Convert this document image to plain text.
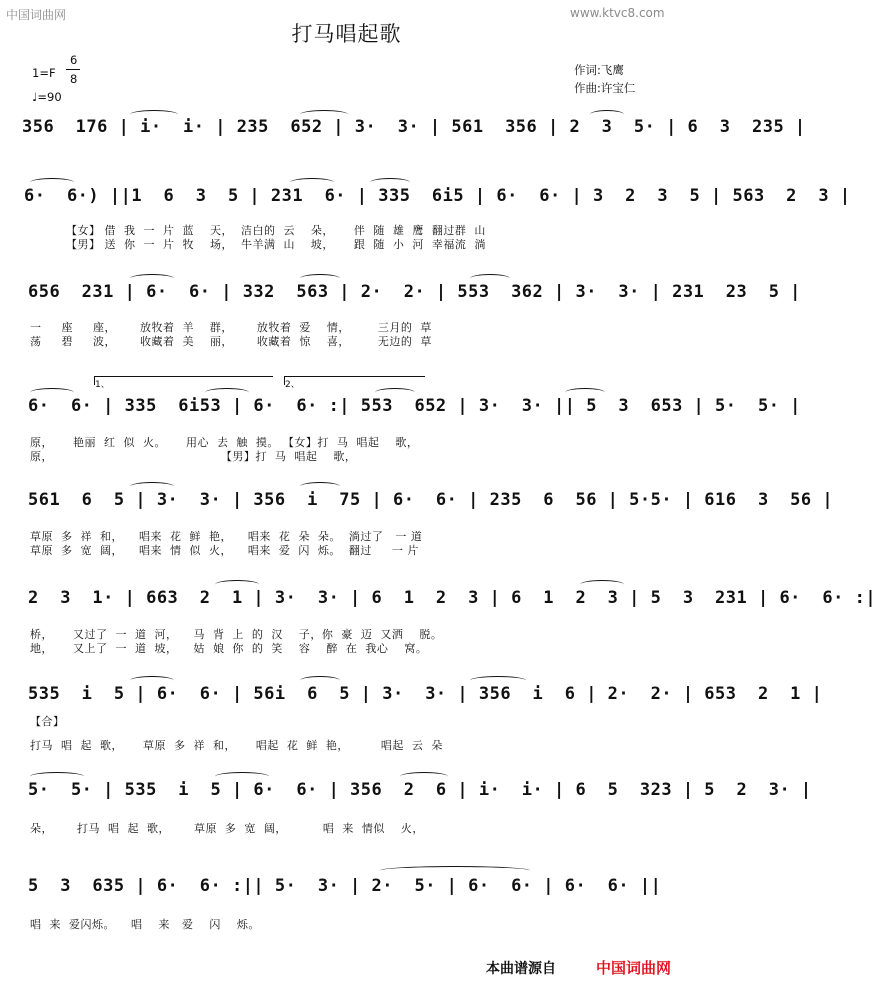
中国词曲网	www.ktvc8.com
打马唱起歌
1=F
6
8
♩=90
作词:飞鹰
作曲:许宝仁
356  176 | i·  i· | 235  652 | 3·  3· | 561  356 | 2  3  5· | 6  3  235 |
6·  6·) ||1  6  3  5 | 231  6· | 335  6i5 | 6·  6· | 3  2  3  5 | 563  2  3 |
【女】 借  我  一  片  蓝    天，  洁白的  云    朵，     伴  随  雄  鹰  翻过群  山
【男】 送  你  一  片  牧    场，  牛羊满  山    坡，     跟  随  小  河  幸福流  淌
656  231 | 6·  6· | 332  563 | 2·  2· | 553  362 | 3·  3· | 231  23  5 |
一     座     座，      放牧着  羊    群，      放牧着  爱    情，       三月的  草
荡     碧     波，      收藏着  美    丽，      收藏着  惊    喜，       无边的  草
1、	2、
6·  6· | 335  6i53 | 6·  6· :| 553  652 | 3·  3· || 5  3  653 | 5·  5· |
原，     艳丽  红  似  火。     用心  去  触  摸。 【女】打  马  唱起    歌，
原，                                          【男】打  马  唱起    歌，
561  6  5 | 3·  3· | 356  i  75 | 6·  6· | 235  6  56 | 5·5· | 616  3  56 |
草原  多  祥  和，    唱来  花  鲜  艳，    唱来  花  朵  朵。  淌过了   一 道
草原  多  宽  阔，    唱来  情  似  火，    唱来  爱  闪  烁。  翻过     一 片
2  3  1· | 663  2  1 | 3·  3· | 6  1  2  3 | 6  1  2  3 | 5  3  231 | 6·  6· :|
桥，     又过了  一  道  河，    马  背  上  的  汉    子，你  豪  迈  又洒    脱。
地，     又上了  一  道  坡，    姑  娘  你  的  笑    容    醉  在  我心    窝。
535  i  5 | 6·  6· | 56i  6  5 | 3·  3· | 356  i  6 | 2·  2· | 653  2  1 |
【合】
打马  唱  起  歌，     草原  多  祥  和，     唱起  花  鲜  艳，        唱起  云  朵
5·  5· | 535  i  5 | 6·  6· | 356  2  6 | i·  i· | 6  5  323 | 5  2  3· |
朵，      打马  唱  起  歌，      草原  多  宽  阔，         唱  来  情似    火，
5  3  635 | 6·  6· :|| 5·  3· | 2·  5· | 6·  6· | 6·  6· ||
唱  来  爱闪烁。    唱    来   爱    闪    烁。
本曲谱源自	中国词曲网
